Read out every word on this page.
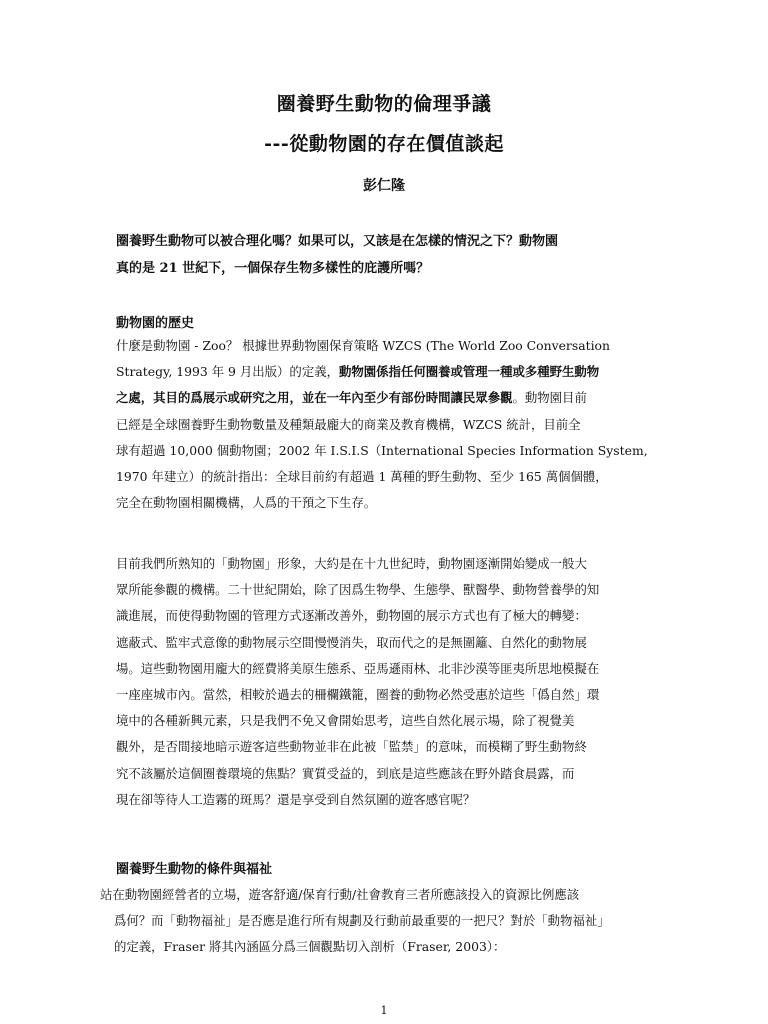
圈養野生動物的倫理爭議
---從動物園的存在價值談起
彭仁隆
圈養野生動物可以被合理化嗎？如果可以，又該是在怎樣的情況之下？動物園
真的是 21 世紀下，一個保存生物多樣性的庇護所嗎？
動物園的歷史
什麼是動物園 - Zoo？ 根據世界動物園保育策略 WZCS (The World Zoo Conversation
Strategy, 1993 年 9 月出版）的定義，動物園係指任何圈養或管理一種或多種野生動物
之處，其目的爲展示或研究之用，並在一年內至少有部份時間讓民眾參觀。動物園目前
已經是全球圈養野生動物數量及種類最龐大的商業及教育機構，WZCS 統計，目前全
球有超過 10,000 個動物園；2002 年 I.S.I.S（International Species Information System,
1970 年建立）的統計指出：全球目前約有超過 1 萬種的野生動物、至少 165 萬個個體，
完全在動物園相關機構，人爲的干預之下生存。
目前我們所熟知的「動物園」形象，大約是在十九世紀時，動物園逐漸開始變成一般大
眾所能參觀的機構。二十世紀開始，除了因爲生物學、生態學、獸醫學、動物營養學的知
識進展，而使得動物園的管理方式逐漸改善外，動物園的展示方式也有了極大的轉變：
遮蔽式、監牢式意像的動物展示空間慢慢消失，取而代之的是無圍籬、自然化的動物展
場。這些動物園用龐大的經費將美原生態系、亞馬遜雨林、北非沙漠等匪夷所思地模擬在
一座座城市內。當然，相較於過去的柵欄鐵籠，圈養的動物必然受惠於這些「僞自然」環
境中的各種新興元素，只是我們不免又會開始思考，這些自然化展示場，除了視覺美
觀外，是否間接地暗示遊客這些動物並非在此被「監禁」的意味，而模糊了野生動物終
究不該屬於這個圈養環境的焦點？實質受益的，到底是這些應該在野外踏食晨露，而
現在卻等待人工造霧的斑馬？還是享受到自然氛圍的遊客感官呢？
圈養野生動物的條件與福祉
站在動物園經營者的立場，遊客舒適/保育行動/社會教育三者所應該投入的資源比例應該
爲何？而「動物福祉」是否應是進行所有規劃及行動前最重要的一把尺？對於「動物福祉」
的定義，Fraser 將其內涵區分爲三個觀點切入剖析（Fraser, 2003）：
1
